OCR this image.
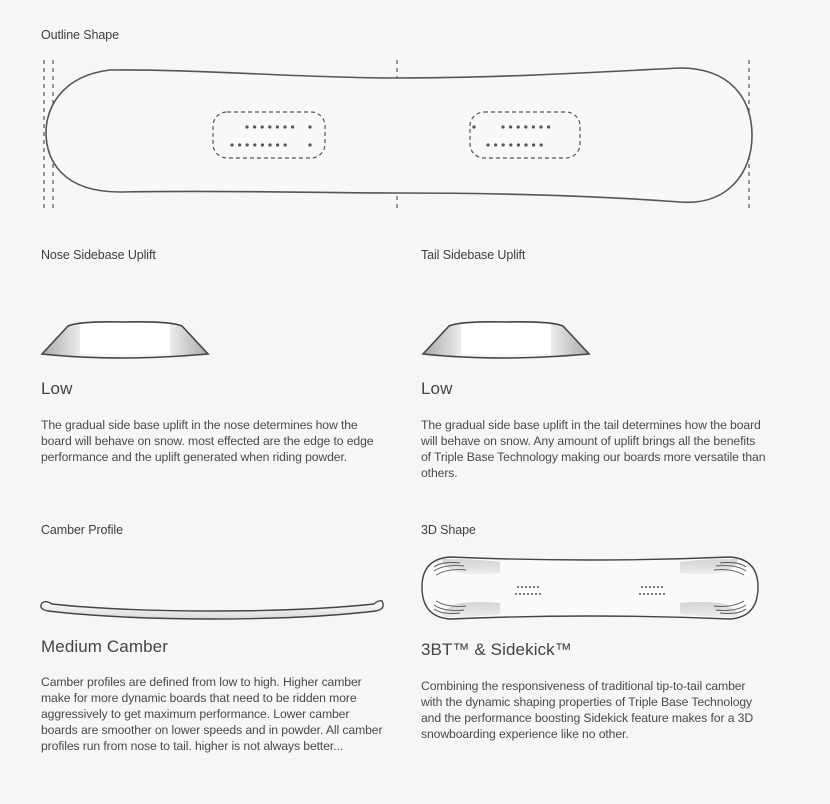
Outline Shape
Nose Sidebase Uplift
Low
The gradual side base uplift in the nose determines how the board will behave on snow. most effected are the edge to edge performance and the uplift generated when riding powder.
Tail Sidebase Uplift
Low
The gradual side base uplift in the tail determines how the board will behave on snow. Any amount of uplift brings all the benefits of Triple Base Technology making our boards more versatile than others.
Camber Profile
Medium Camber
Camber profiles are defined from low to high. Higher camber make for more dynamic boards that need to be ridden more aggressively to get maximum performance. Lower camber boards are smoother on lower speeds and in powder. All camber profiles run from nose to tail. higher is not always better...
3D Shape
3BT™ & Sidekick™
Combining the responsiveness of traditional tip-to-tail camber with the dynamic shaping properties of Triple Base Technology and the performance boosting Sidekick feature makes for a 3D snowboarding experience like no other.
